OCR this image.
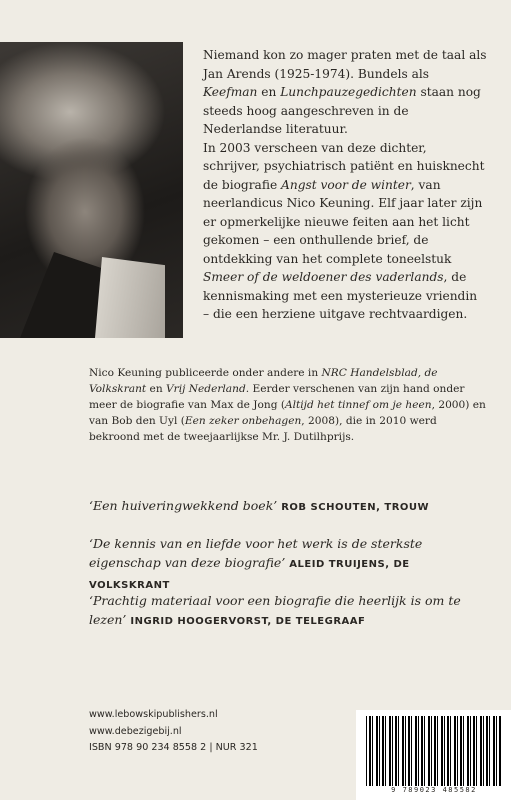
Niemand kon zo mager praten met de taal als Jan Arends (1925-1974). Bundels als Keefman en Lunchpauzegedichten staan nog steeds hoog aangeschreven in de Nederlandse literatuur.

In 2003 verscheen van deze dichter, schrijver, psychiatrisch patiënt en huisknecht de biografie Angst voor de winter, van neerlandicus Nico Keuning. Elf jaar later zijn er opmerkelijke nieuwe feiten aan het licht gekomen – een onthullende brief, de ontdekking van het complete toneelstuk Smeer of de weldoener des vaderlands, de kennismaking met een mysterieuze vriendin – die een herziene uitgave rechtvaardigen.

Nico Keuning publiceerde onder andere in NRC Handelsblad, de Volkskrant en Vrij Nederland. Eerder verschenen van zijn hand onder meer de biografie van Max de Jong (Altijd het tinnef om je heen, 2000) en van Bob den Uyl (Een zeker onbehagen, 2008), die in 2010 werd bekroond met de tweejaarlijkse Mr. J. Dutilhprijs.

‘Een huiveringwekkend boek’ ROB SCHOUTEN, TROUW

‘De kennis van en liefde voor het werk is de sterkste eigenschap van deze biografie’ ALEID TRUIJENS, DE VOLKSKRANT

‘Prachtig materiaal voor een biografie die heerlijk is om te lezen’ INGRID HOOGERVORST, DE TELEGRAAF

www.lebowskipublishers.nl
www.debezigebij.nl
ISBN 978 90 234 8558 2 | NUR 321
9 789023 485582
